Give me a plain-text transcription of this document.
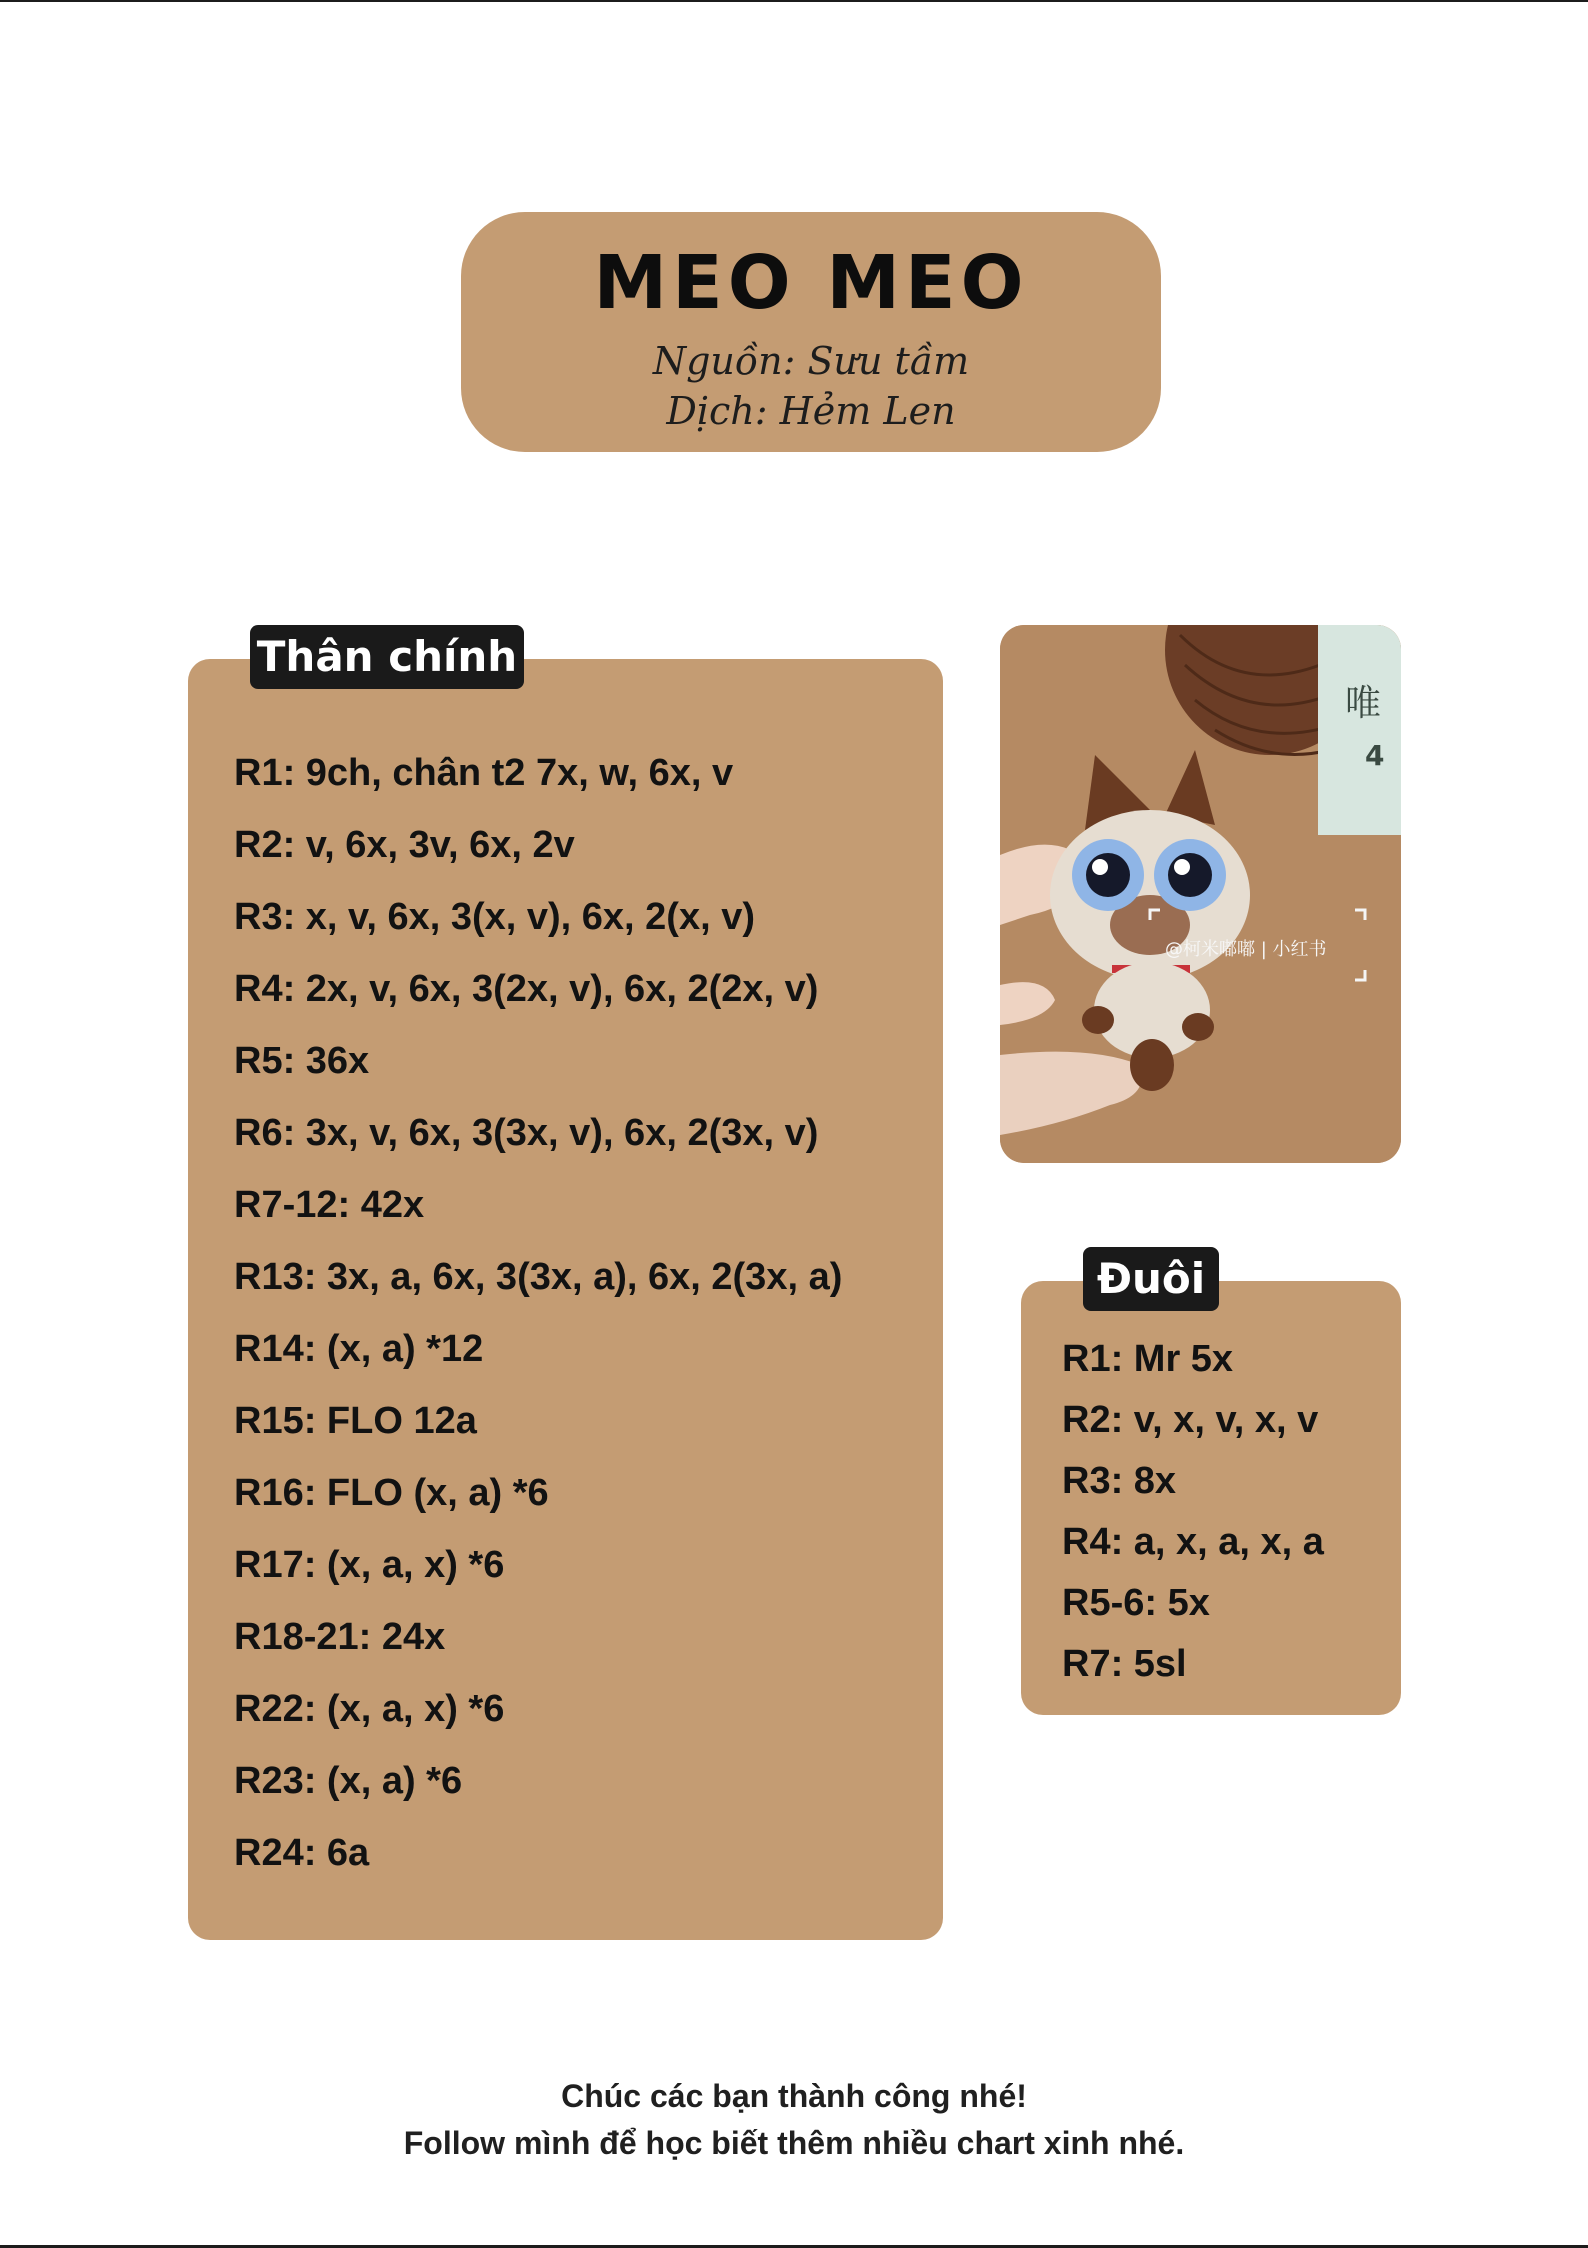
MEO MEO
Nguồn: Sưu tầm
Dịch: Hẻm Len
Thân chính
R1: 9ch, chân t2 7x, w, 6x, v
R2: v, 6x, 3v, 6x, 2v
R3: x, v, 6x, 3(x, v), 6x, 2(x, v)
R4: 2x, v, 6x, 3(2x, v), 6x, 2(2x, v)
R5: 36x
R6: 3x, v, 6x, 3(3x, v), 6x, 2(3x, v)
R7-12: 42x
R13: 3x, a, 6x, 3(3x, a), 6x, 2(3x, a)
R14: (x, a) *12
R15: FLO 12a
R16: FLO (x, a) *6
R17: (x, a, x) *6
R18-21: 24x
R22: (x, a, x) *6
R23: (x, a) *6
R24: 6a
唯
4
@柯米嘟嘟 | 小红书
Đuôi
R1: Mr 5x
R2: v, x, v, x, v
R3: 8x
R4: a, x, a, x, a
R5-6: 5x
R7: 5sl
Chúc các bạn thành công nhé!
Follow mình để học biết thêm nhiều chart xinh nhé.
